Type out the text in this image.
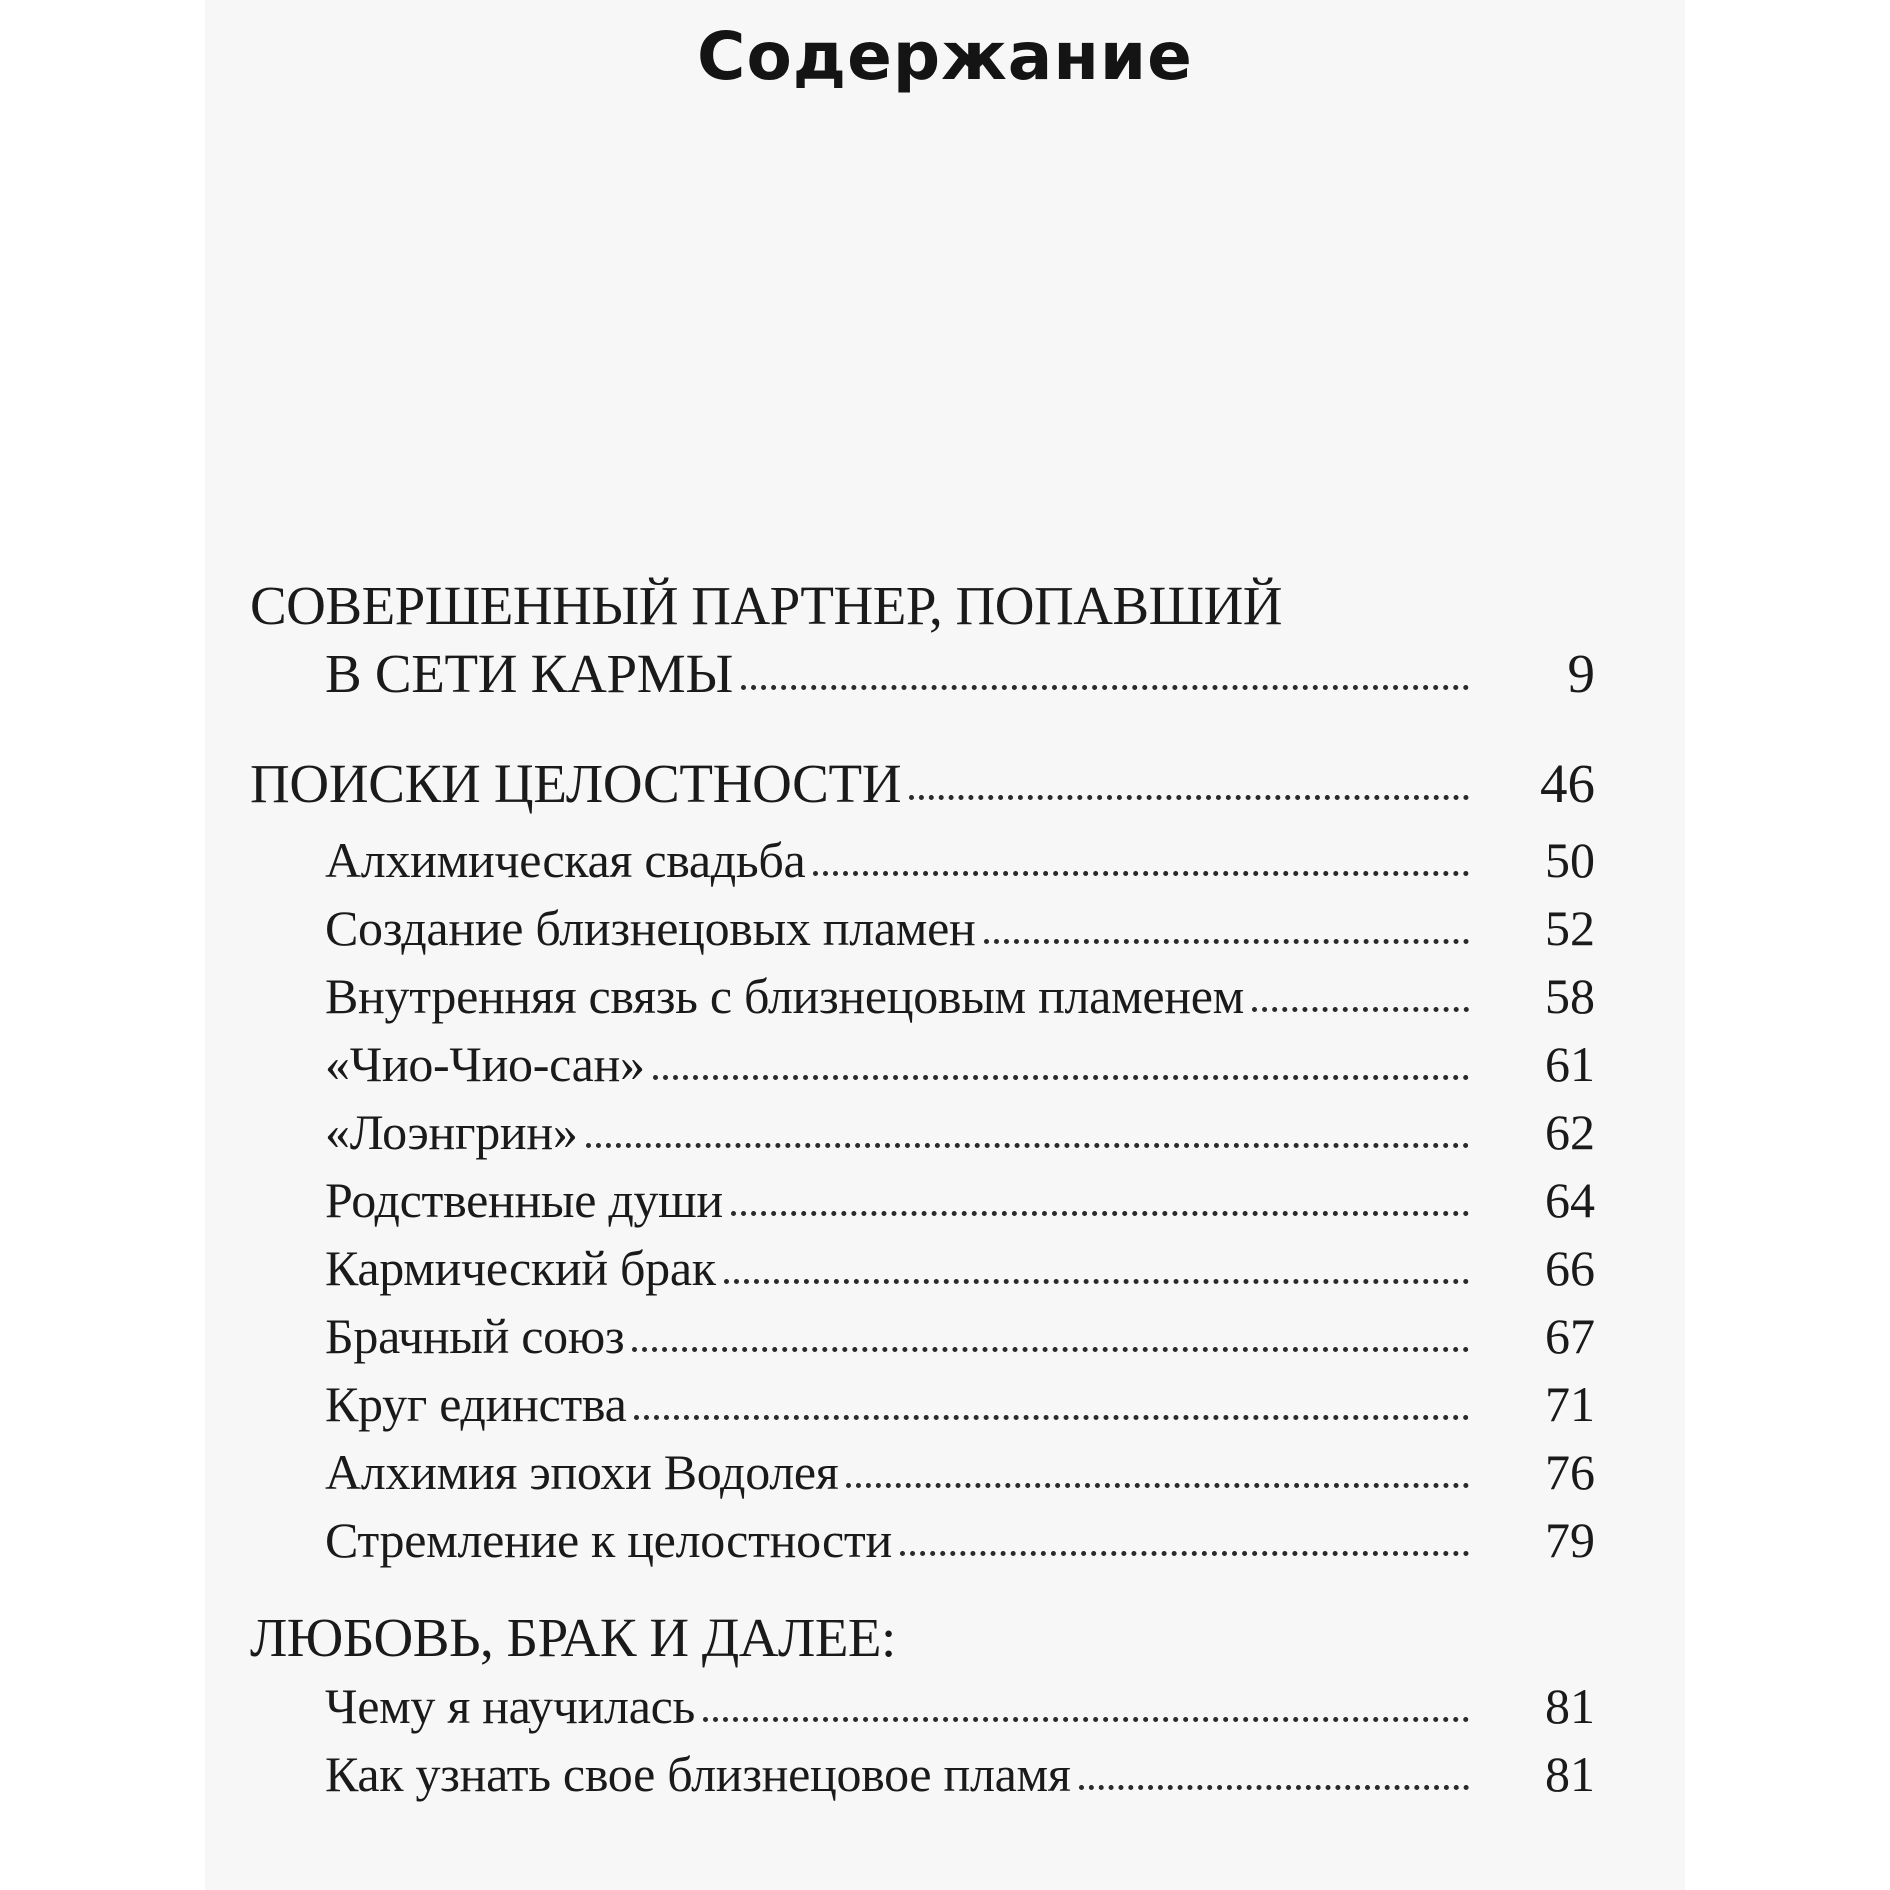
Содержание
СОВЕРШЕННЫЙ ПАРТНЕР, ПОПАВШИЙ
В СЕТИ КАРМЫ	9
ПОИСКИ ЦЕЛОСТНОСТИ	46
Алхимическая свадьба	50
Создание близнецовых пламен	52
Внутренняя связь с близнецовым пламенем	58
«Чио-Чио-сан»	61
«Лоэнгрин»	62
Родственные души	64
Кармический брак	66
Брачный союз	67
Круг единства	71
Алхимия эпохи Водолея	76
Стремление к целостности	79
ЛЮБОВЬ, БРАК И ДАЛЕЕ:
Чему я научилась	81
Как узнать свое близнецовое пламя	81
